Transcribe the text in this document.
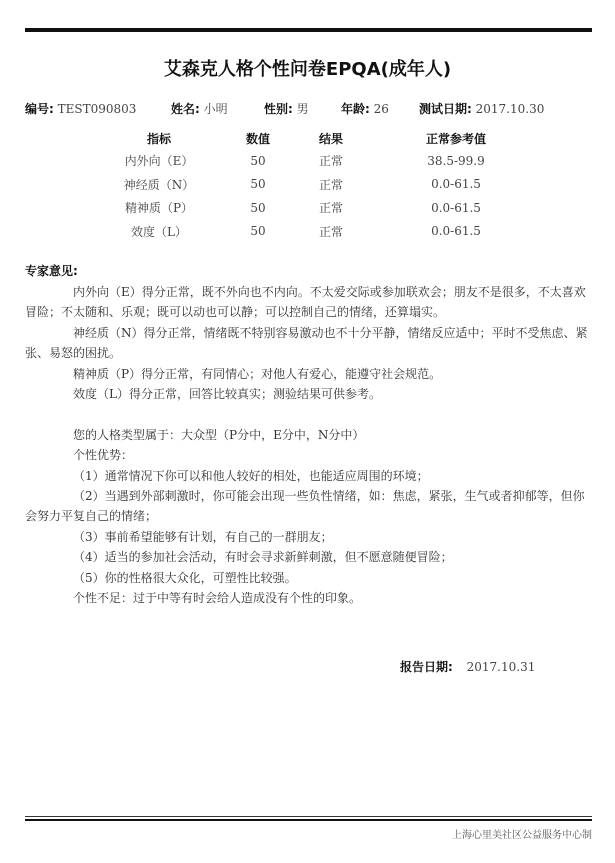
艾森克人格个性问卷EPQA(成年人)
编号: TEST090803	姓名: 小明	性别: 男	年龄: 26	测试日期: 2017.10.30
指标	数值	结果	正常参考值
内外向（E）	50	正常	38.5-99.9
神经质（N）	50	正常	0.0-61.5
精神质（P）	50	正常	0.0-61.5
效度（L）	50	正常	0.0-61.5
专家意见:

内外向（E）得分正常，既不外向也不内向。不太爱交际或参加联欢会；朋友不是很多，不太喜欢冒险；不太随和、乐观；既可以动也可以静；可以控制自己的情绪，还算塌实。

神经质（N）得分正常，情绪既不特别容易激动也不十分平静，情绪反应适中；平时不受焦虑、紧张、易怒的困扰。

精神质（P）得分正常，有同情心；对他人有爱心，能遵守社会规范。

效度（L）得分正常，回答比较真实；测验结果可供参考。

您的人格类型属于：大众型（P分中，E分中，N分中）

个性优势：

（1）通常情况下你可以和他人较好的相处，也能适应周围的环境；

（2）当遇到外部刺激时，你可能会出现一些负性情绪，如：焦虑，紧张，生气或者抑郁等，但你会努力平复自己的情绪；

（3）事前希望能够有计划，有自己的一群朋友；

（4）适当的参加社会活动，有时会寻求新鲜刺激，但不愿意随便冒险；

（5）你的性格很大众化，可塑性比较强。

个性不足：过于中等有时会给人造成没有个性的印象。

报告日期: 2017.10.31
上海心里美社区公益服务中心制
